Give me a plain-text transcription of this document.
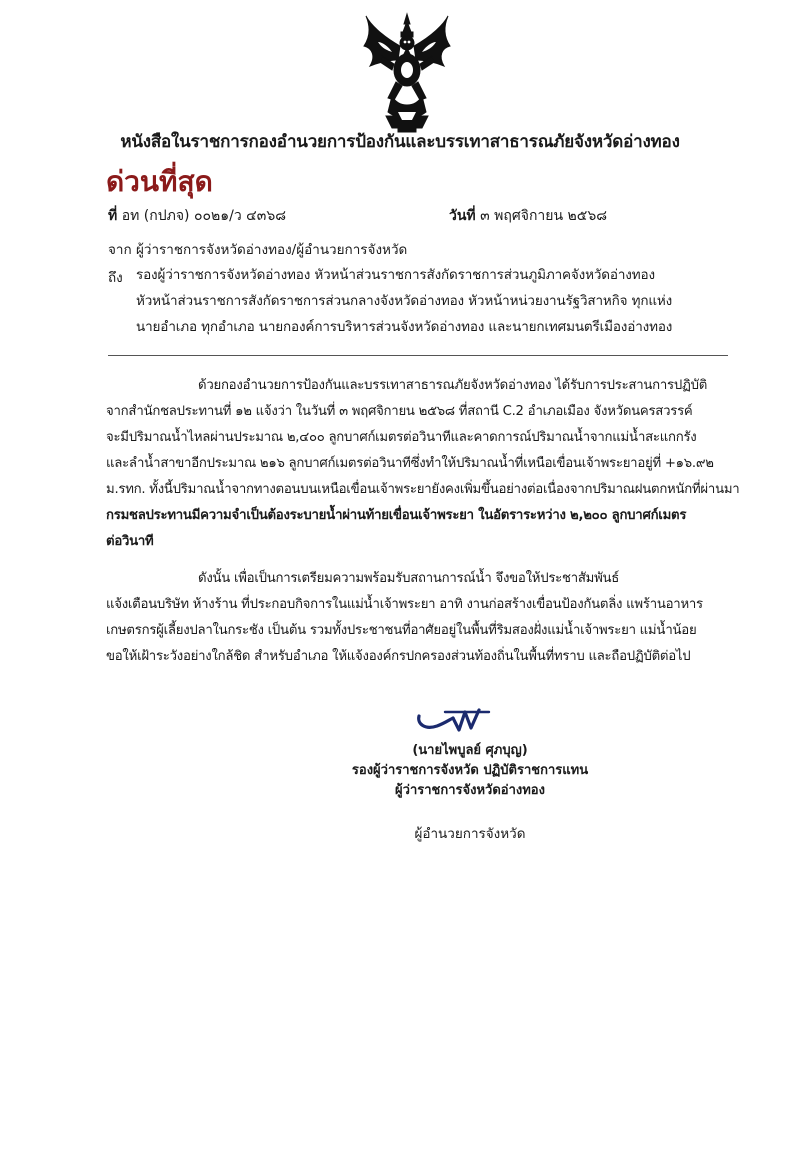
หนังสือในราชการกองอำนวยการป้องกันและบรรเทาสาธารณภัยจังหวัดอ่างทอง
ด่วนที่สุด
ที่ อท (กปภจ) ๐๐๒๑/ว ๔๓๖๘	วันที่ ๓ พฤศจิกายน ๒๕๖๘
จาก ผู้ว่าราชการจังหวัดอ่างทอง/ผู้อำนวยการจังหวัด
ถึง รองผู้ว่าราชการจังหวัดอ่างทอง หัวหน้าส่วนราชการสังกัดราชการส่วนภูมิภาคจังหวัดอ่างทอง
หัวหน้าส่วนราชการสังกัดราชการส่วนกลางจังหวัดอ่างทอง หัวหน้าหน่วยงานรัฐวิสาหกิจ ทุกแห่ง
นายอำเภอ ทุกอำเภอ นายกองค์การบริหารส่วนจังหวัดอ่างทอง และนายกเทศมนตรีเมืองอ่างทอง
ด้วยกองอำนวยการป้องกันและบรรเทาสาธารณภัยจังหวัดอ่างทอง ได้รับการประสานการปฏิบัติ
จากสำนักชลประทานที่ ๑๒ แจ้งว่า ในวันที่ ๓ พฤศจิกายน ๒๕๖๘ ที่สถานี C.2 อำเภอเมือง จังหวัดนครสวรรค์
จะมีปริมาณน้ำไหลผ่านประมาณ ๒,๔๐๐ ลูกบาศก์เมตรต่อวินาทีและคาดการณ์ปริมาณน้ำจากแม่น้ำสะแกกรัง
และลำน้ำสาขาอีกประมาณ ๒๑๖ ลูกบาศก์เมตรต่อวินาทีซึ่งทำให้ปริมาณน้ำที่เหนือเขื่อนเจ้าพระยาอยู่ที่ +๑๖.๙๒
ม.รทก. ทั้งนี้ปริมาณน้ำจากทางตอนบนเหนือเขื่อนเจ้าพระยายังคงเพิ่มขึ้นอย่างต่อเนื่องจากปริมาณฝนตกหนักที่ผ่านมา
กรมชลประทานมีความจำเป็นต้องระบายน้ำผ่านท้ายเขื่อนเจ้าพระยา ในอัตราระหว่าง ๒,๒๐๐ ลูกบาศก์เมตร
ต่อวินาที
ดังนั้น เพื่อเป็นการเตรียมความพร้อมรับสถานการณ์น้ำ จึงขอให้ประชาสัมพันธ์
แจ้งเตือนบริษัท ห้างร้าน ที่ประกอบกิจการในแม่น้ำเจ้าพระยา อาทิ งานก่อสร้างเขื่อนป้องกันตลิ่ง แพร้านอาหาร
เกษตรกรผู้เลี้ยงปลาในกระชัง เป็นต้น รวมทั้งประชาชนที่อาศัยอยู่ในพื้นที่ริมสองฝั่งแม่น้ำเจ้าพระยา แม่น้ำน้อย
ขอให้เฝ้าระวังอย่างใกล้ชิด สำหรับอำเภอ ให้แจ้งองค์กรปกครองส่วนท้องถิ่นในพื้นที่ทราบ และถือปฏิบัติต่อไป
(นายไพบูลย์ ศุภบุญ)
รองผู้ว่าราชการจังหวัด ปฏิบัติราชการแทน
ผู้ว่าราชการจังหวัดอ่างทอง
ผู้อำนวยการจังหวัด
